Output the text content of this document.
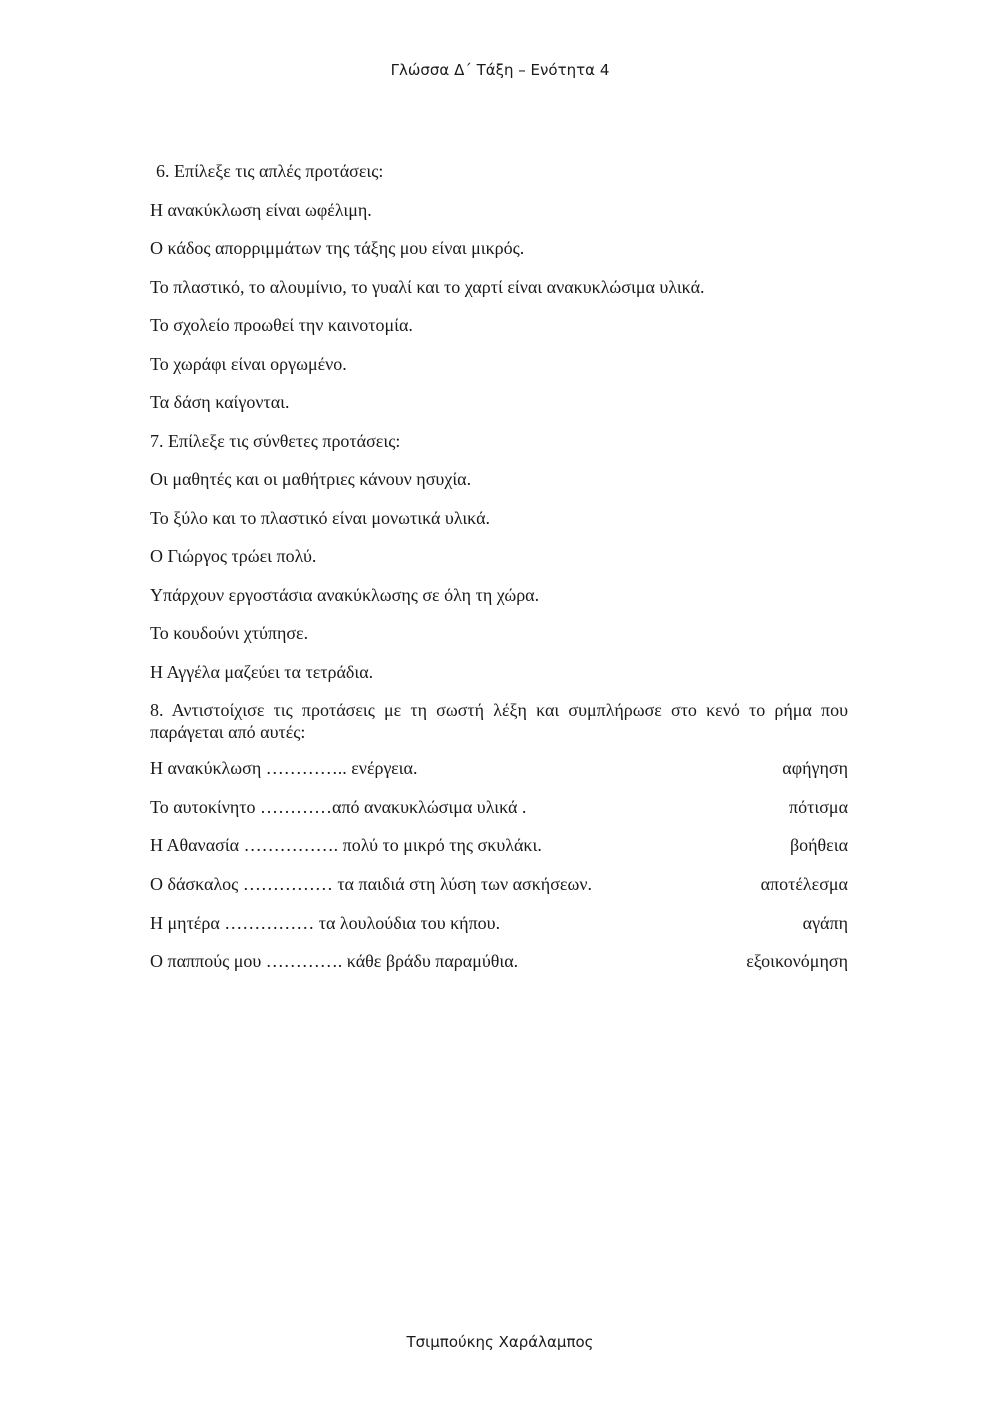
Γλώσσα Δ΄ Τάξη – Ενότητα 4
6. Επίλεξε τις απλές προτάσεις:
Η ανακύκλωση είναι ωφέλιμη.
Ο κάδος απορριμμάτων της τάξης μου είναι μικρός.
Το πλαστικό, το αλουμίνιο, το γυαλί και το χαρτί είναι ανακυκλώσιμα υλικά.
Το σχολείο προωθεί την καινοτομία.
Το χωράφι είναι οργωμένο.
Τα δάση καίγονται.
7. Επίλεξε τις σύνθετες προτάσεις:
Οι μαθητές και οι μαθήτριες κάνουν ησυχία.
Το ξύλο και το πλαστικό είναι μονωτικά υλικά.
Ο Γιώργος τρώει πολύ.
Υπάρχουν εργοστάσια ανακύκλωσης σε όλη τη χώρα.
Το κουδούνι χτύπησε.
Η Αγγέλα μαζεύει τα τετράδια.
8. Αντιστοίχισε τις προτάσεις με τη σωστή λέξη και συμπλήρωσε στο κενό το ρήμα που παράγεται από αυτές:
Η ανακύκλωση ………….. ενέργεια.	αφήγηση
Το αυτοκίνητο …………από ανακυκλώσιμα υλικά .	πότισμα
Η Αθανασία ……………. πολύ το μικρό της σκυλάκι.	βοήθεια
Ο δάσκαλος …………… τα παιδιά στη λύση των ασκήσεων.	αποτέλεσμα
Η μητέρα …………… τα λουλούδια του κήπου.	αγάπη
Ο παππούς μου …………. κάθε βράδυ παραμύθια.	εξοικονόμηση
Τσιμπούκης Χαράλαμπος
